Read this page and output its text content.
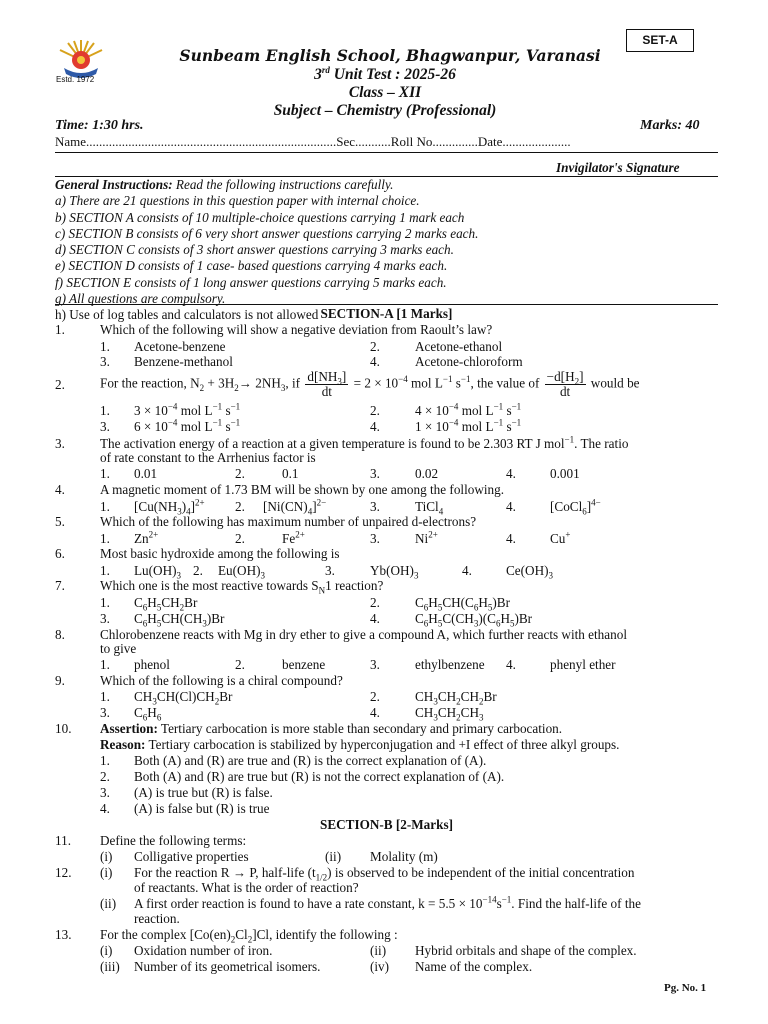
SET-A
Estd. 1972
Sunbeam English School, Bhagwanpur, Varanasi
3rd Unit Test : 2025-26
Class – XII
Subject – Chemistry (Professional)
Time: 1:30 hrs.	Marks: 40
Name.............................................................................Sec...........Roll No..............Date.....................
Invigilator's Signature
General Instructions: Read the following instructions carefully.
a) There are 21 questions in this question paper with internal choice.
b) SECTION A consists of 10 multiple-choice questions carrying 1 mark each
c) SECTION B consists of 6 very short answer questions carrying 2 marks each.
d) SECTION C consists of 3 short answer questions carrying 3 marks each.
e) SECTION D consists of 1 case- based questions carrying 4 marks each.
f) SECTION E consists of 1 long answer questions carrying 5 marks each.
g) All questions are compulsory.
h) Use of log tables and calculators is not allowed SECTION-A [1 Marks]
1.	Which of the following will show a negative deviation from Raoult’s law?
1. Acetone-benzene	2.	Acetone-ethanol
3. Benzene-methanol	4.	Acetone-chloroform
2.	For the reaction, $N_2 + 3H_2\to 2NH_3$, if $\frac{d[NH_3]}{dt} = 2 \times 10^{-4}$ mol $L^{-1}$ $s^{-1}$, the value of $\frac{-d[H_2]}{dt}$ would be
1. $3 \times 10^{-4}$ mol $L^{-1}$ $s^{-1}$	2.	$4 \times 10^{-4}$ mol $L^{-1}$ $s^{-1}$
3. $6 \times 10^{-4}$ mol $L^{-1}$ $s^{-1}$	4.	$1 \times 10^{-4}$ mol $L^{-1}$ $s^{-1}$
3.	The activation energy of a reaction at a given temperature is found to be 2.303 RT J mol$^{-1}$. The ratio
of rate constant to the Arrhenius factor is
1. 0.01	2.	0.1	3.	0.02	4.	0.001
4.	A magnetic moment of 1.73 BM will be shown by one among the following.
1. $[Cu(NH_3)_4]^{2+}$ 2. $[Ni(CN)_4]^{2-}$	3.	TiCl$_4$	4.	[CoCl$_6$]$^{4-}$
5.	Which of the following has maximum number of unpaired d-electrons?
1. $Zn^{2+}$	2.	$Fe^{2+}$	3.	$Ni^{2+}$	4.	Cu+
6.	Most basic hydroxide among the following is
1. $Lu(OH)_3$ 2. $Eu(OH)_3$	3.	$Yb(OH)_3$	4.	$Ce(OH)_3$
7.	Which one is the most reactive towards $S_N1$ reaction?
1. $C_6H_5CH_2Br$	2.	$C_6H_5CH(C_6H_5)Br$
3. $C_6H_5CH(CH_3)Br$	4.	$C_6H_5C(CH_3)(C_6H_5)Br$
8.	Chlorobenzene reacts with Mg in dry ether to give a compound A, which further reacts with ethanol
to give
1. phenol	2.	benzene	3.	ethylbenzene 4.	phenyl ether
9.	Which of the following is a chiral compound?
1. $CH_3CH(Cl)CH_2Br$	2.	$CH_3CH_2CH_2Br$
3. $C_6H_6$	4.	$CH_3CH_2CH_3$
10. Assertion: Tertiary carbocation is more stable than secondary and primary carbocation.
Reason: Tertiary carbocation is stabilized by hyperconjugation and +I effect of three alkyl groups.
1. Both (A) and (R) are true and (R) is the correct explanation of (A).
2. Both (A) and (R) are true but (R) is not the correct explanation of (A).
3. (A) is true but (R) is false.
4. (A) is false but (R) is true
SECTION-B [2-Marks]
11. Define the following terms:
(i) Colligative properties	(ii) Molality (m)
12. (i) For the reaction R → P, half-life $(t_{1/2})$ is observed to be independent of the initial concentration
of reactants. What is the order of reaction?
(ii) A first order reaction is found to have a rate constant, $k = 5.5 \times 10^{-14}s^{-1}$. Find the half-life of the
reaction.
13. For the complex $[Co(en)_2Cl_2]Cl$, identify the following :
(i) Oxidation number of iron.	(ii) Hybrid orbitals and shape of the complex.
(iii) Number of its geometrical isomers.	(iv) Name of the complex.
Pg. No. 1
